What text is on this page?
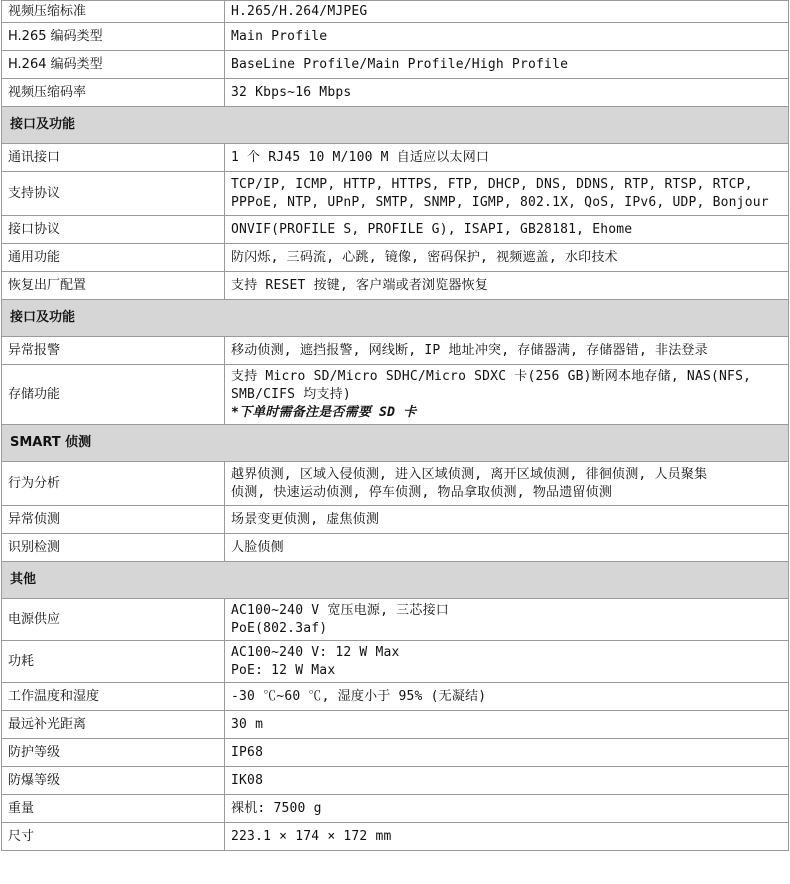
视频压缩标准	H.265/H.264/MJPEG

H.265 编码类型	Main Profile

H.264 编码类型	BaseLine Profile/Main Profile/High Profile

视频压缩码率	32 Kbps~16 Mbps

接口及功能	
通讯接口	1 个 RJ45 10 M/100 M 自适应以太网口

支持协议	TCP/IP, ICMP, HTTP, HTTPS, FTP, DHCP, DNS, DDNS, RTP, RTSP, RTCP,
PPPoE, NTP, UPnP, SMTP, SNMP, IGMP, 802.1X, QoS, IPv6, UDP, Bonjour

接口协议	ONVIF(PROFILE S, PROFILE G), ISAPI, GB28181, Ehome

通用功能	防闪烁, 三码流, 心跳, 镜像, 密码保护, 视频遮盖, 水印技术

恢复出厂配置	支持 RESET 按键, 客户端或者浏览器恢复

接口及功能	
异常报警	移动侦测, 遮挡报警, 网线断, IP 地址冲突, 存储器满, 存储器错, 非法登录

存储功能	支持 Micro SD/Micro SDHC/Micro SDXC 卡(256 GB)断网本地存储, NAS(NFS,
SMB/CIFS 均支持)
*下单时需备注是否需要 SD 卡

SMART 侦测	
行为分析	越界侦测, 区域入侵侦测, 进入区域侦测, 离开区域侦测, 徘徊侦测, 人员聚集
侦测, 快速运动侦测, 停车侦测, 物品拿取侦测, 物品遗留侦测

异常侦测	场景变更侦测, 虚焦侦测

识别检测	人脸侦侧

其他	
电源供应	AC100~240 V 宽压电源, 三芯接口
PoE(802.3af)

功耗	AC100~240 V: 12 W Max
PoE: 12 W Max

工作温度和湿度	-30 ℃~60 ℃, 湿度小于 95% (无凝结)

最远补光距离	30 m

防护等级	IP68

防爆等级	IK08

重量	裸机: 7500 g

尺寸	223.1 × 174 × 172 mm
